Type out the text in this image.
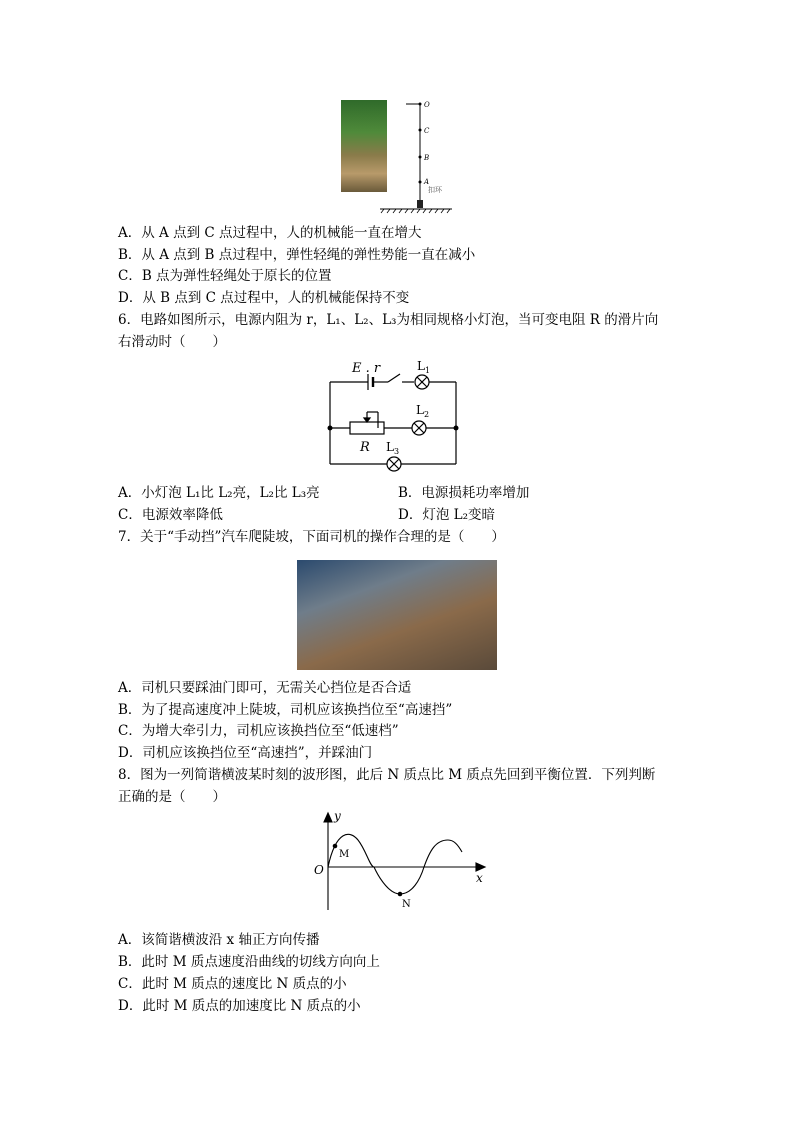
O
C
B
A
扣环
A．从 A 点到 C 点过程中，人的机械能一直在增大
B．从 A 点到 B 点过程中，弹性轻绳的弹性势能一直在减小
C．B 点为弹性轻绳处于原长的位置
D．从 B 点到 C 点过程中，人的机械能保持不变
6．电路如图所示，电源内阻为 r，L₁、L₂、L₃为相同规格小灯泡，当可变电阻 R 的滑片向
右滑动时（　　）
E . r	$L_1$
$L_2$
R $L_3$
A．小灯泡 L₁比 L₂亮，L₂比 L₃亮	B．电源损耗功率增加
C．电源效率降低	D．灯泡 L₂变暗
7．关于“手动挡”汽车爬陡坡，下面司机的操作合理的是（　　）
A．司机只要踩油门即可，无需关心挡位是否合适
B．为了提高速度冲上陡坡，司机应该换挡位至“高速挡”
C．为增大牵引力，司机应该换挡位至“低速档”
D．司机应该换挡位至“高速挡”，并踩油门
8．图为一列简谐横波某时刻的波形图，此后 N 质点比 M 质点先回到平衡位置．下列判断
正确的是（　　）
y
x
O
M
N
A．该简谐横波沿 x 轴正方向传播
B．此时 M 质点速度沿曲线的切线方向向上
C．此时 M 质点的速度比 N 质点的小
D．此时 M 质点的加速度比 N 质点的小
